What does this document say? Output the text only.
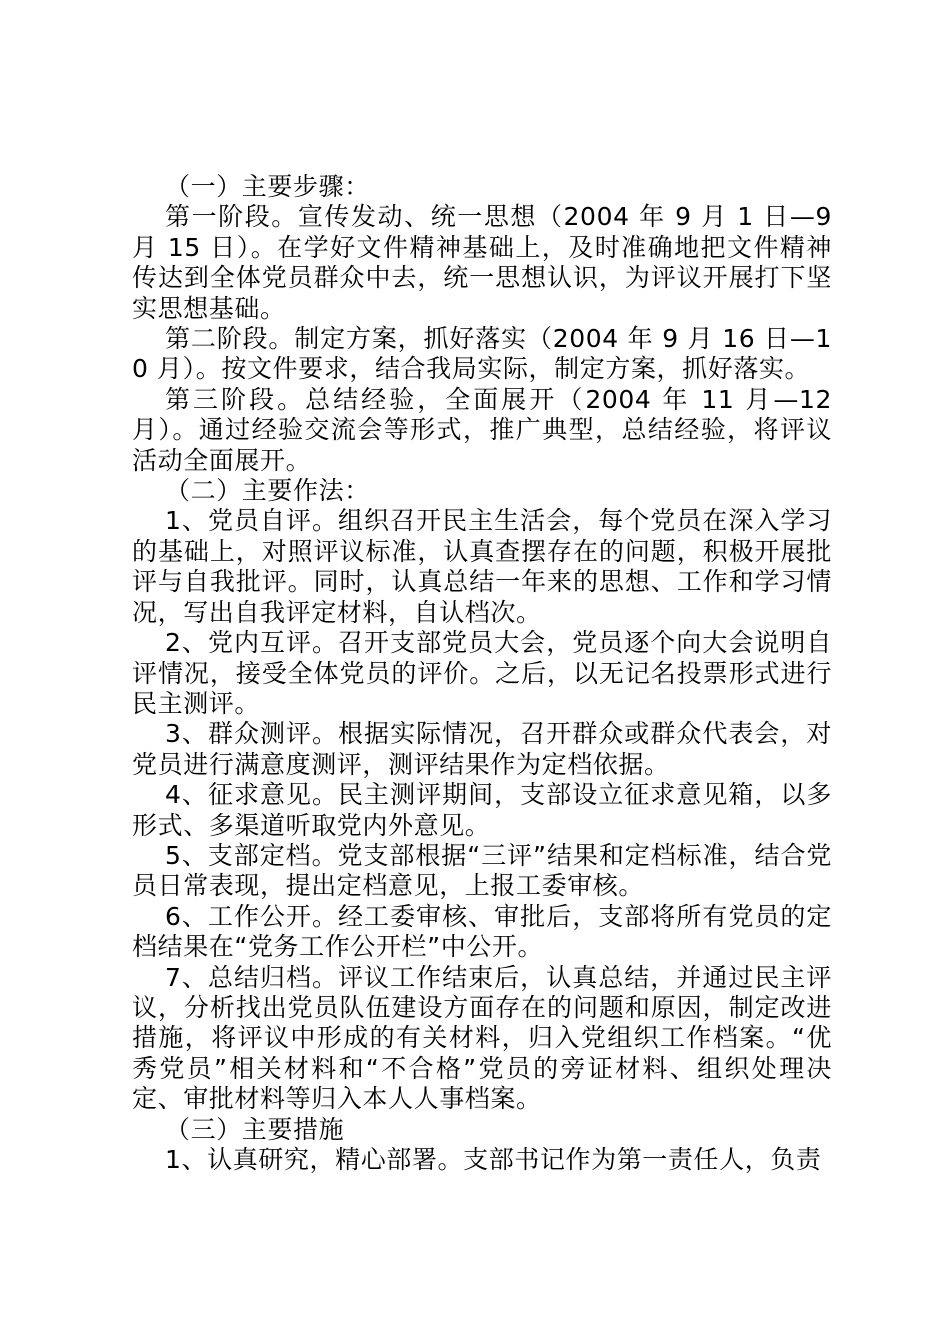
（一）主要步骤：

第一阶段。宣传发动、统一思想（2004 年 9 月 1 日—9 月 15 日）。在学好文件精神基础上，及时准确地把文件精神传达到全体党员群众中去，统一思想认识，为评议开展打下坚实思想基础。

第二阶段。制定方案，抓好落实（2004 年 9 月 16 日—10 月）。按文件要求，结合我局实际，制定方案，抓好落实。

第三阶段。总结经验，全面展开（2004 年 11 月—12 月）。通过经验交流会等形式，推广典型，总结经验，将评议活动全面展开。

（二）主要作法：

1、党员自评。组织召开民主生活会，每个党员在深入学习的基础上，对照评议标准，认真查摆存在的问题，积极开展批评与自我批评。同时，认真总结一年来的思想、工作和学习情况，写出自我评定材料，自认档次。

2、党内互评。召开支部党员大会，党员逐个向大会说明自评情况，接受全体党员的评价。之后，以无记名投票形式进行民主测评。

3、群众测评。根据实际情况，召开群众或群众代表会，对党员进行满意度测评，测评结果作为定档依据。

4、征求意见。民主测评期间，支部设立征求意见箱，以多形式、多渠道听取党内外意见。

5、支部定档。党支部根据“三评”结果和定档标准，结合党员日常表现，提出定档意见，上报工委审核。

6、工作公开。经工委审核、审批后，支部将所有党员的定档结果在“党务工作公开栏”中公开。

7、总结归档。评议工作结束后，认真总结，并通过民主评议，分析找出党员队伍建设方面存在的问题和原因，制定改进措施，将评议中形成的有关材料，归入党组织工作档案。“优秀党员”相关材料和“不合格”党员的旁证材料、组织处理决定、审批材料等归入本人人事档案。

（三）主要措施

1、认真研究，精心部署。支部书记作为第一责任人，负责
